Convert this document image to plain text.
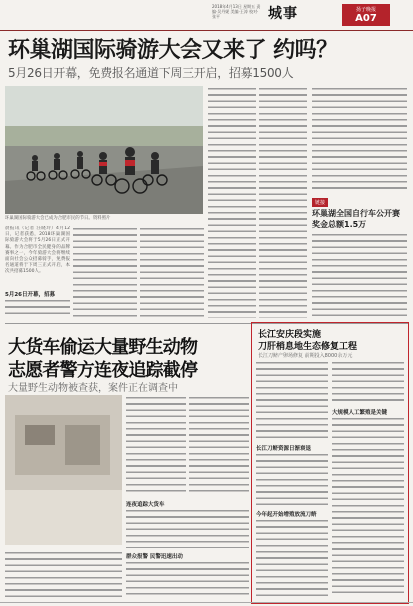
2018年4月13日 星期五 责编·吴丹妮 美编·王涛 校对·张平	城事	扬子晚报
A07
环巢湖国际骑游大会又来了 约吗？
5月26日开幕，免费报名通道下周三开启，招募1500人
环巢湖国际骑游大会已成为合肥市民的节日。资料照片
晨报讯（记者 汪晓玲）4月12日，记者获悉，2018环巢湖国际骑游大会将于5月26日正式开幕。作为合肥市全民健身的品牌赛事之一，今年骑游大会将继续面向社会公众招募骑手，免费报名通道将于下周三正式开启，本次共招募1500人。
5月26日开幕，招募
链接
环巢湖全国自行车公开赛 奖金总额1.5万
大货车偷运大量野生动物
志愿者警方连夜追踪截停
大量野生动物被查获，案件正在调查中
连夜追踪大货车
群众报警 民警迅速出动
长江安庆段实施
刀肝梢息地生态修复工程
长江刀鲚产卵场修复 前期投入8000余万元
长江刀鲚资源日渐衰退
今年起开始增殖放流刀鲚
大规模人工繁殖是关键
